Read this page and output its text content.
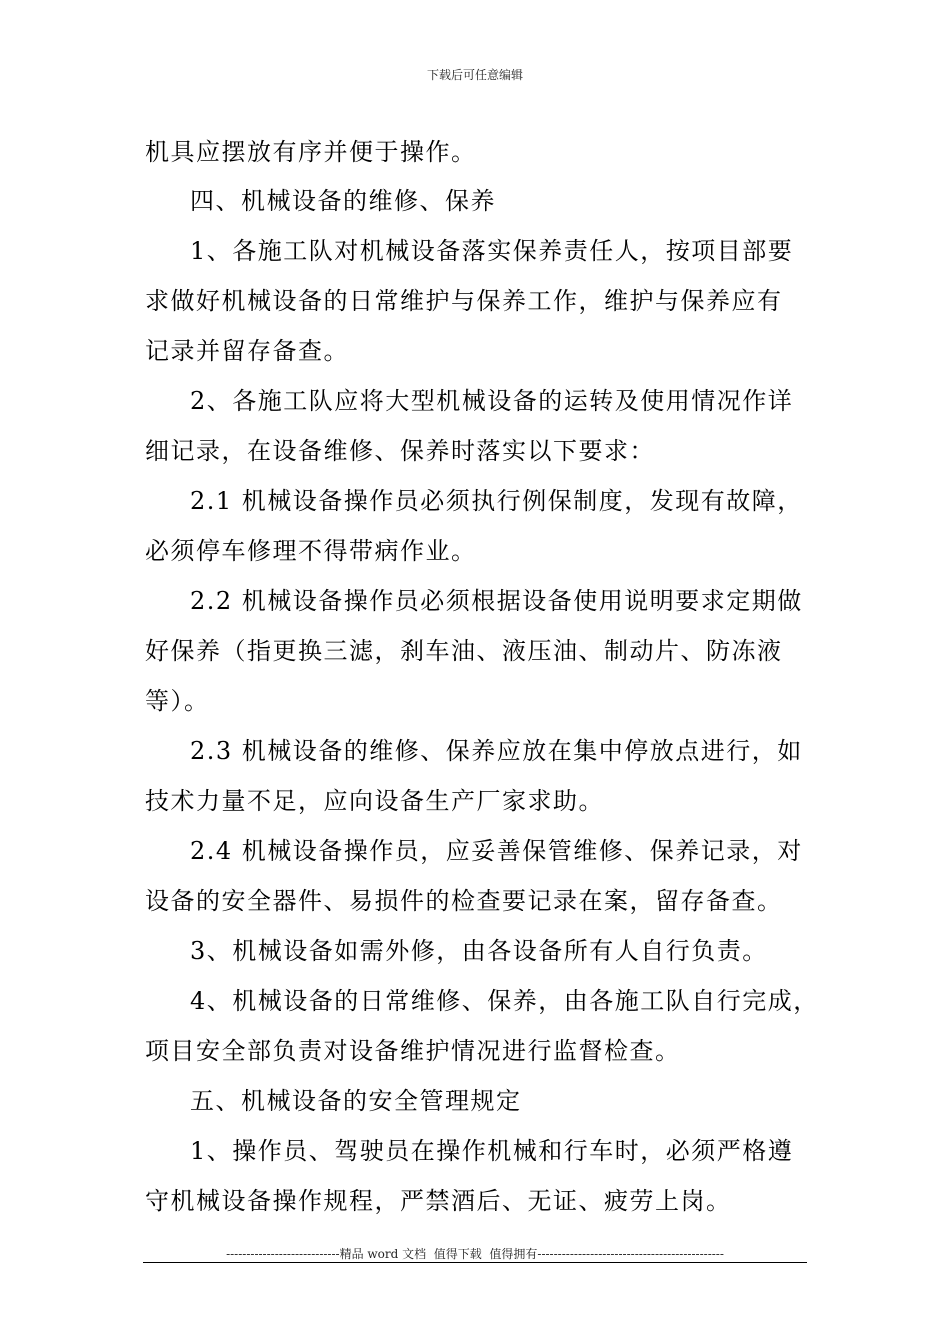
下载后可任意编辑
机具应摆放有序并便于操作。
四、机械设备的维修、保养
1、各施工队对机械设备落实保养责任人，按项目部要
求做好机械设备的日常维护与保养工作，维护与保养应有
记录并留存备查。
2、各施工队应将大型机械设备的运转及使用情况作详
细记录，在设备维修、保养时落实以下要求：
2.1 机械设备操作员必须执行例保制度，发现有故障，
必须停车修理不得带病作业。
2.2 机械设备操作员必须根据设备使用说明要求定期做
好保养（指更换三滤，刹车油、液压油、制动片、防冻液
等）。
2.3 机械设备的维修、保养应放在集中停放点进行，如
技术力量不足，应向设备生产厂家求助。
2.4 机械设备操作员，应妥善保管维修、保养记录，对
设备的安全器件、易损件的检查要记录在案，留存备查。
3、机械设备如需外修，由各设备所有人自行负责。
4、机械设备的日常维修、保养，由各施工队自行完成，
项目安全部负责对设备维护情况进行监督检查。
五、机械设备的安全管理规定
1、操作员、驾驶员在操作机械和行车时，必须严格遵
守机械设备操作规程，严禁酒后、无证、疲劳上岗。
----------------------------精品 word 文档  值得下载  值得拥有----------------------------------------------
